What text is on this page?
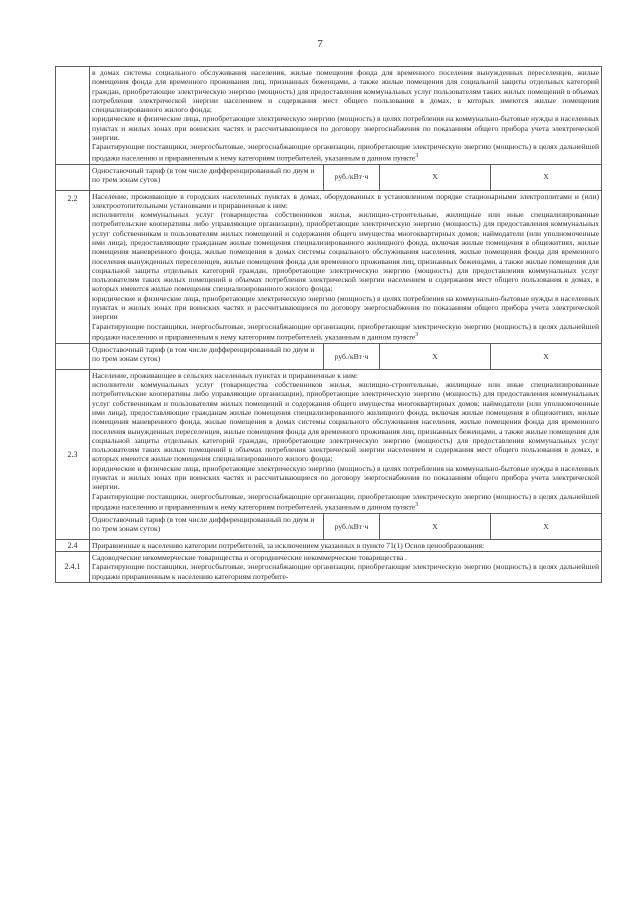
7

	в домах системы социального обслуживания населения, жилые помещения фонда для временного поселения вынужденных переселенцев, жилые помещения фонда для временного проживания лиц, признанных беженцами, а также жилые помещения для социальной защиты отдельных категорий граждан, приобретающие электрическую энергию (мощность) для предоставления коммунальных услуг пользователям таких жилых помещений в объемах потребления электрической энергии населением и содержания мест общего пользования в домах, в которых имеются жилые помещения специализированного жилого фонда;
юридические и физические лица, приобретающие электрическую энергию (мощность) в целях потребления на коммунально-бытовые нужды в населенных пунктах и жилых зонах при воинских частях и рассчитывающиеся по договору энергоснабжения по показаниям общего прибора учета электрической энергии.
Гарантирующие поставщики, энергосбытовые, энергоснабжающие организации, приобретающие электрическую энергию (мощность) в целях дальнейшей продажи населению и приравненным к нему категориям потребителей, указанным в данном пункте$^3$

	Одноставочный тариф (в том числе дифференцированный по двум и по трем зонам суток)	руб./кВт·ч	X	X
2.2	Население, проживающее в городских населенных пунктах в домах, оборудованных в установленном порядке стационарными электроплитами и (или) электроотопительными установками и приравненные к ним:
исполнители коммунальных услуг (товарищества собственников жилья, жилищно-строительные, жилищные или иные специализированные потребительские кооперативы либо управляющие организации), приобретающие электрическую энергию (мощность) для предоставления коммунальных услуг собственникам и пользователям жилых помещений и содержания общего имущества многоквартирных домов; наймодатели (или уполномоченные ими лица), предоставляющие гражданам жилые помещения специализированного жилищного фонда, включая жилые помещения в общежитиях, жилые помещения маневренного фонда, жилые помещения в домах системы социального обслуживания населения, жилые помещения фонда для временного поселения вынужденных переселенцев, жилые помещения фонда для временного проживания лиц, признанных беженцами, а также жилые помещения для социальной защиты отдельных категорий граждан, приобретающие электрическую энергию (мощность) для предоставления коммунальных услуг пользователям таких жилых помещений в объемах потребления электрической энергии населением и содержания мест общего пользования в домах, в которых имеются жилые помещения специализированного жилого фонда;
юридические и физические лица, приобретающие электрическую энергию (мощность) в целях потребления на коммунально-бытовые нужды в населенных пунктах и жилых зонах при воинских частях и рассчитывающиеся по договору энергоснабжения по показаниям общего прибора учета электрической энергии
Гарантирующие поставщики, энергосбытовые, энергоснабжающие организации, приобретающие электрическую энергию (мощность) в целях дальнейшей продажи населению и приравненным к нему категориям потребителей, указанным в данном пункте$^3$

	Одноставочный тариф (в том числе дифференцированный по двум и по трем зонам суток)	руб./кВт·ч	X	X
2.3	Население, проживающее в сельских населенных пунктах и приравненные к ним:
исполнители коммунальных услуг (товарищества собственников жилья, жилищно-строительные, жилищные или иные специализированные потребительские кооперативы либо управляющие организации), приобретающие электрическую энергию (мощность) для предоставления коммунальных услуг собственникам и пользователям жилых помещений и содержания общего имущества многоквартирных домов; наймодатели (или уполномоченные ими лица), предоставляющие гражданам жилые помещения специализированного жилищного фонда, включая жилые помещения в общежитиях, жилые помещения маневренного фонда, жилые помещения в домах системы социального обслуживания населения, жилые помещения фонда для временного поселения вынужденных переселенцев, жилые помещения фонда для временного проживания лиц, признанных беженцами, а также жилые помещения для социальной защиты отдельных категорий граждан, приобретающие электрическую энергию (мощность) для предоставления коммунальных услуг пользователям таких жилых помещений в объемах потребления электрической энергии населением и содержания мест общего пользования в домах, в которых имеются жилые помещения специализированного жилого фонда;
юридические и физические лица, приобретающие электрическую энергию (мощность) в целях потребления на коммунально-бытовые нужды в населенных пунктах и жилых зонах при воинских частях и рассчитывающиеся по договору энергоснабжения по показаниям общего прибора учета электрической энергии.
Гарантирующие поставщики, энергосбытовые, энергоснабжающие организации, приобретающие электрическую энергию (мощность) в целях дальнейшей продажи населению и приравненным к нему категориям потребителей, указанным в данном пункте$^3$

	Одноставочный тариф (в том числе дифференцированный по двум и по трем зонам суток)	руб./кВт·ч	X	X
2.4	Приравненные к населению категории потребителей, за исключением указанных в пункте 71(1) Основ ценообразования:			
2.4.1	Садоводческие некоммерческие товарищества и огороднические некоммерческие товарищества .
Гарантирующие поставщики, энергосбытовые, энергоснабжающие организации, приобретающие электрическую энергию (мощность) в целях дальнейшей продажи приравненным к населению категориям потребите-			
